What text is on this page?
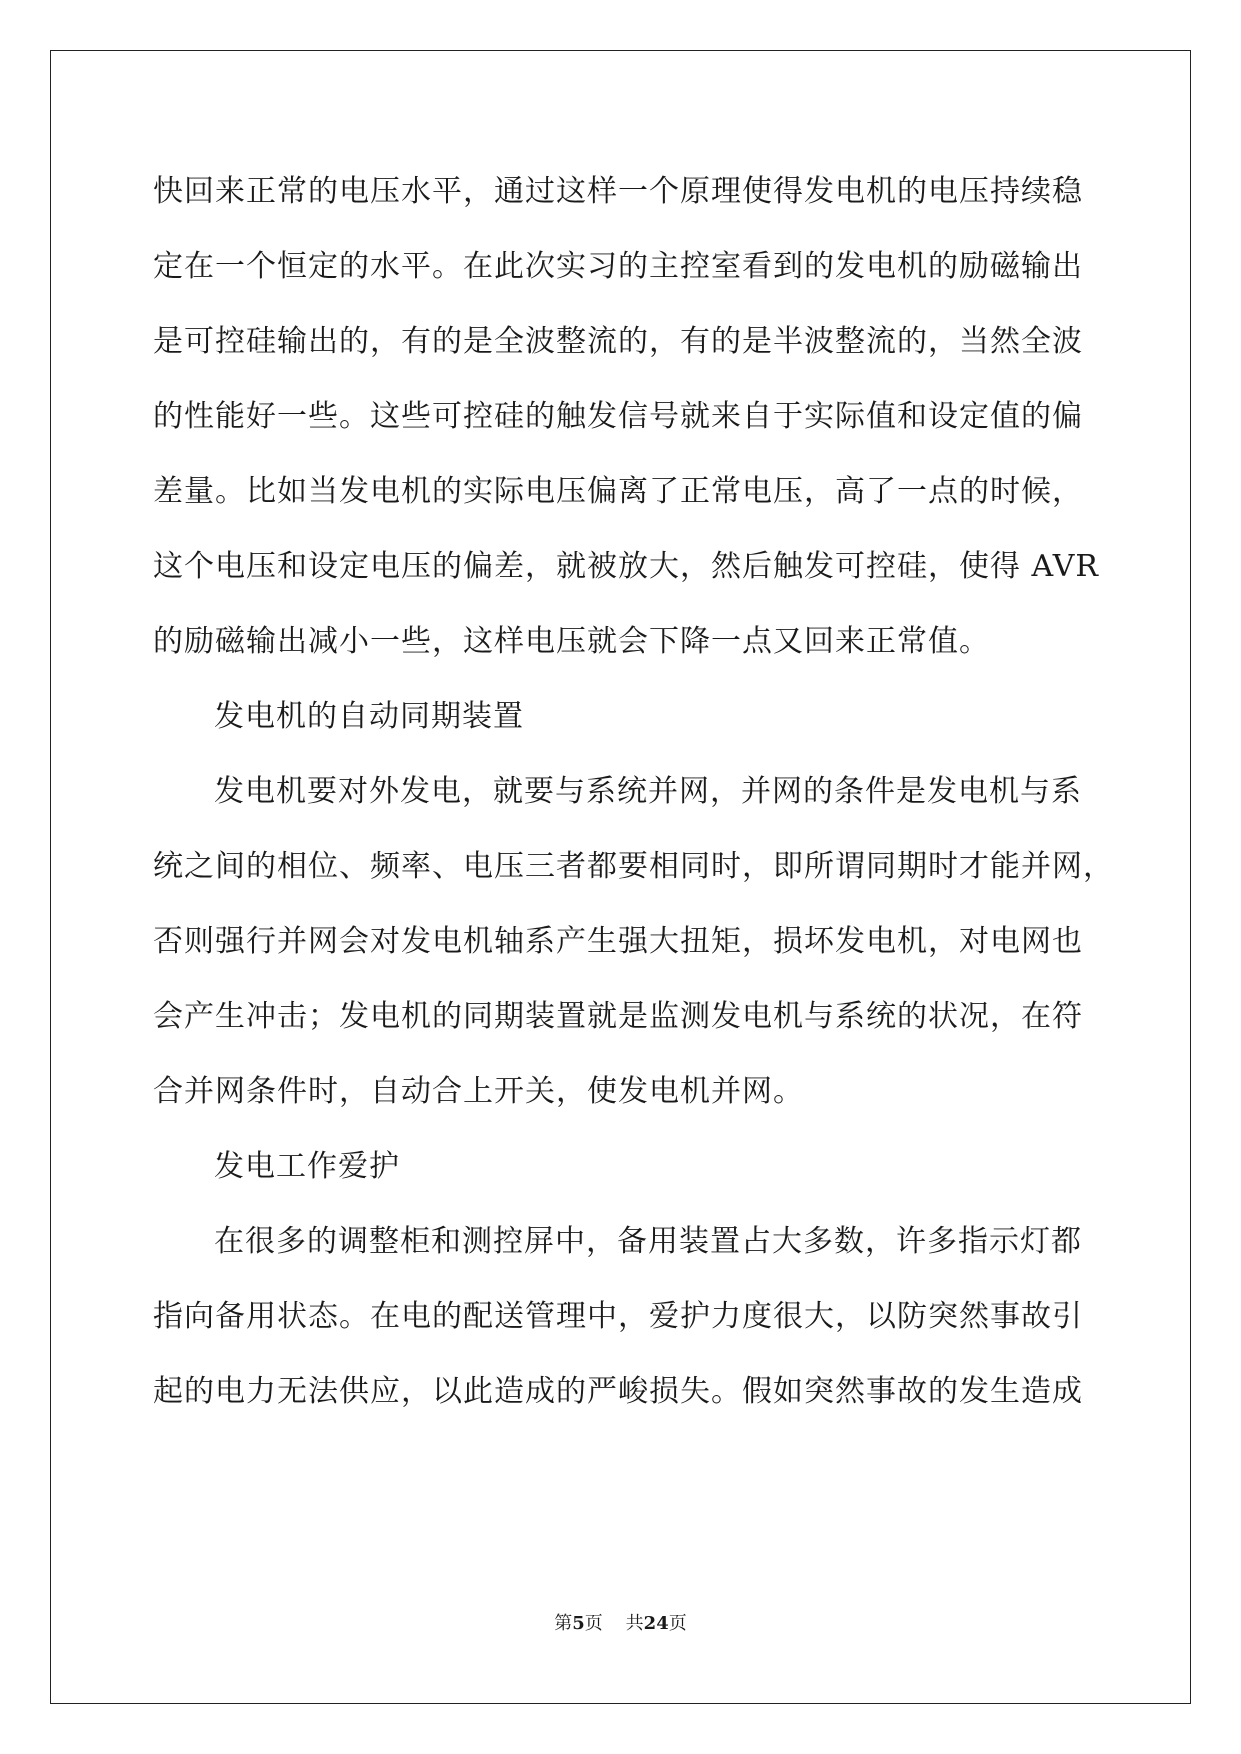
快回来正常的电压水平，通过这样一个原理使得发电机的电压持续稳
定在一个恒定的水平。在此次实习的主控室看到的发电机的励磁输出
是可控硅输出的，有的是全波整流的，有的是半波整流的，当然全波
的性能好一些。这些可控硅的触发信号就来自于实际值和设定值的偏
差量。比如当发电机的实际电压偏离了正常电压，高了一点的时候，
这个电压和设定电压的偏差，就被放大，然后触发可控硅，使得 AVR
的励磁输出减小一些，这样电压就会下降一点又回来正常值。
发电机的自动同期装置
发电机要对外发电，就要与系统并网，并网的条件是发电机与系
统之间的相位、频率、电压三者都要相同时，即所谓同期时才能并网，
否则强行并网会对发电机轴系产生强大扭矩，损坏发电机，对电网也
会产生冲击；发电机的同期装置就是监测发电机与系统的状况，在符
合并网条件时，自动合上开关，使发电机并网。
发电工作爱护
在很多的调整柜和测控屏中，备用装置占大多数，许多指示灯都
指向备用状态。在电的配送管理中，爱护力度很大，以防突然事故引
起的电力无法供应，以此造成的严峻损失。假如突然事故的发生造成
第5页 共24页
